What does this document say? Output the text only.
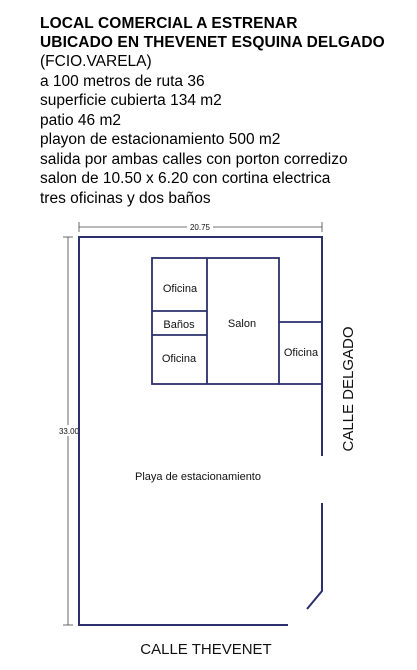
LOCAL COMERCIAL A ESTRENAR
UBICADO EN THEVENET ESQUINA DELGADO
(FCIO.VARELA)
a 100 metros de ruta 36
superficie cubierta 134 m2
patio 46 m2
playon de estacionamiento 500 m2
salida por ambas calles con porton corredizo
salon de 10.50 x 6.20 con cortina electrica
tres oficinas y dos baños
20.75
33.00
Oficina
Baños
Oficina
Salon
Oficina
Playa de estacionamiento
CALLE DELGADO
CALLE THEVENET
